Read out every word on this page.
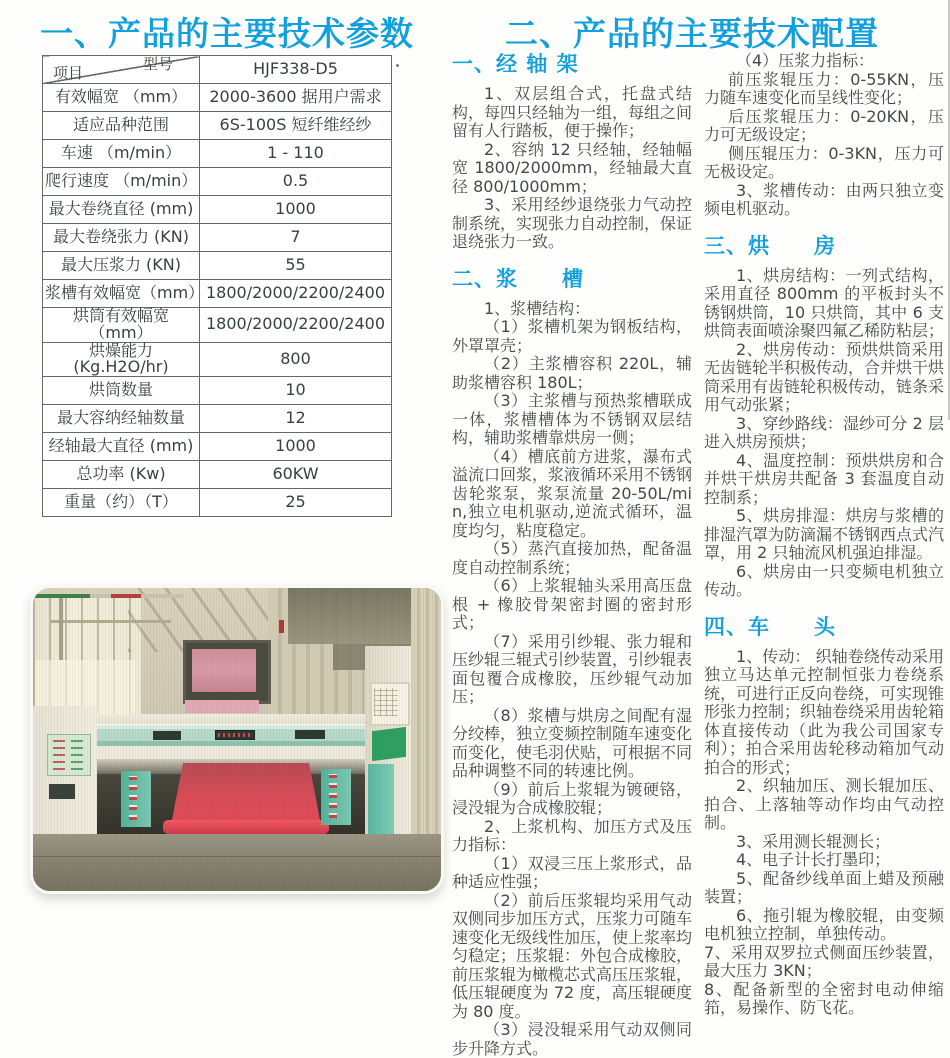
一、产品的主要技术参数	二、产品的主要技术配置
型号
项目	HJF338-D5
有效幅宽 （mm）	2000-3600 据用户需求
适应品种范围	6S-100S 短纤维经纱
车速 （m/min）	1 - 110
爬行速度 （m/min）	0.5
最大卷绕直径 (mm)	1000
最大卷绕张力 (KN)	7
最大压浆力 (KN)	55
浆槽有效幅宽（mm）	1800/2000/2200/2400
烘筒有效幅宽 （mm）	1800/2000/2200/2400
烘燥能力 (Kg.H2O/hr)	800
烘筒数量	10
最大容纳经轴数量	12
经轴最大直径 (mm)	1000
总功率 (Kw)	60KW
重量（约）（T）	25
一、经 轴 架
1、双层组合式，托盘式结构，每四只经轴为一组，每组之间留有人行踏板，便于操作；
2、容纳 12 只经轴，经轴幅宽 1800/2000mm，经轴最大直径 800/1000mm；
3、采用经纱退绕张力气动控制系统，实现张力自动控制，保证退绕张力一致。
二、浆　　槽
1、浆槽结构：
（1）浆槽机架为钢板结构，外罩罩壳；
（2）主浆槽容积 220L，辅助浆槽容积 180L；
（3）主浆槽与预热浆槽联成一体，浆槽槽体为不锈钢双层结构，辅助浆槽靠烘房一侧；
（4）槽底前方进浆，瀑布式溢流口回浆，浆液循环采用不锈钢齿轮浆泵，浆泵流量 20-50L/min,独立电机驱动,逆流式循环，温度均匀，粘度稳定。
（5）蒸汽直接加热，配备温度自动控制系统；
（6）上浆辊轴头采用高压盘根 + 橡胶骨架密封圈的密封形式；
（7）采用引纱辊、张力辊和压纱辊三辊式引纱装置，引纱辊表面包覆合成橡胶，压纱辊气动加压；
（8）浆槽与烘房之间配有湿分绞棒，独立变频控制随车速变化而变化，使毛羽伏贴，可根据不同品种调整不同的转速比例。
（9）前后上浆辊为镀硬铬，浸没辊为合成橡胶辊；
2、上浆机构、加压方式及压力指标：
（1）双浸三压上浆形式，品种适应性强；
（2）前后压浆辊均采用气动双侧同步加压方式，压浆力可随车速变化无级线性加压，使上浆率均匀稳定；压浆辊：外包合成橡胶，前压浆辊为橄榄芯式高压压浆辊，低压辊硬度为 72 度，高压辊硬度为 80 度。
（3）浸没辊采用气动双侧同步升降方式。
（4）压浆力指标：
前压浆辊压力：0-55KN，压力随车速变化而呈线性变化；
后压浆辊压力：0-20KN，压力可无级设定；
侧压辊压力：0-3KN，压力可无极设定。
3、浆槽传动：由两只独立变频电机驱动。
三、烘　　房
1、烘房结构：一列式结构，采用直径 800mm 的平板封头不锈钢烘筒，10 只烘筒，其中 6 支烘筒表面喷涂聚四氟乙稀防粘层；
2、烘房传动：预烘烘筒采用无齿链轮半积极传动，合并烘干烘筒采用有齿链轮积极传动，链条采用气动张紧；
3、穿纱路线：湿纱可分 2 层进入烘房预烘；
4、温度控制：预烘烘房和合并烘干烘房共配备 3 套温度自动控制系；
5、烘房排湿：烘房与浆槽的排湿汽罩为防滴漏不锈钢西点式汽罩，用 2 只轴流风机强迫排湿。
6、烘房由一只变频电机独立传动。
四、车　　头
1、传动： 织轴卷绕传动采用独立马达单元控制恒张力卷绕系统，可进行正反向卷绕，可实现锥形张力控制；织轴卷绕采用齿轮箱体直接传动（此为我公司国家专利）；拍合采用齿轮移动箱加气动拍合的形式；
2、织轴加压、测长辊加压、拍合、上落轴等动作均由气动控制。
3、采用测长辊测长；
4、电子计长打墨印；
5、配备纱线单面上蜡及预融装置；
6、拖引辊为橡胶辊，由变频电机独立控制，单独传动。
7、采用双罗拉式侧面压纱装置，最大压力 3KN；
8、配备新型的全密封电动伸缩筘，易操作、防飞花。
